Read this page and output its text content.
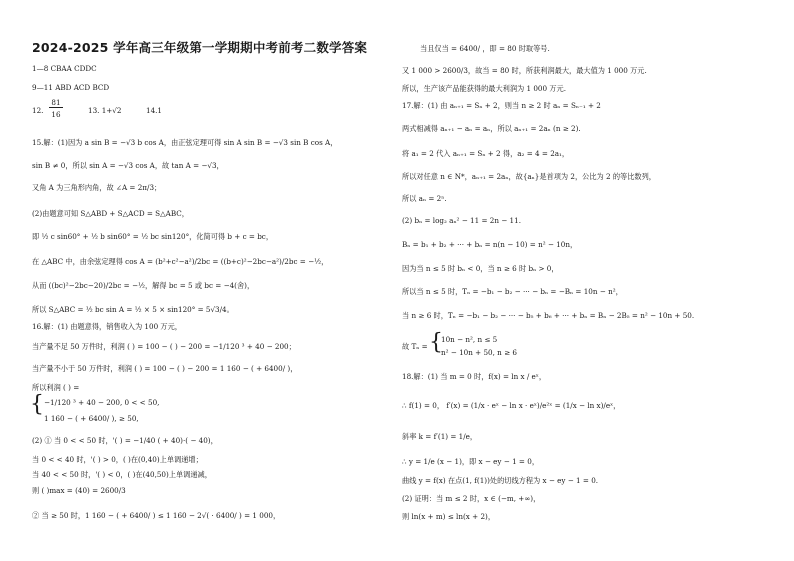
2024-2025 学年高三年级第一学期期中考前考二数学答案
1—8 CBAA CDDC
9—11 ABD ACD BCD
12.
81
16	13. 1+√2	14.1
15.解：(1)因为 a sin B = −√3 b cos A，由正弦定理可得 sin A sin B = −√3 sin B cos A，
sin B ≠ 0，所以 sin A = −√3 cos A，故 tan A = −√3，
又角 A 为三角形内角，故 ∠A = 2π/3；
(2)由题意可知 S△ABD + S△ACD = S△ABC，
即 ½ c sin60° + ½ b sin60° = ½ bc sin120°，化简可得 b + c = bc，
在 △ABC 中，由余弦定理得 cos A = (b²+c²−a²)/2bc = ((b+c)²−2bc−a²)/2bc = −½，
从而 ((bc)²−2bc−20)/2bc = −½，解得 bc = 5 或 bc = −4(舍)，
所以 S△ABC = ½ bc sin A = ½ × 5 × sin120° = 5√3/4。
16.解：(1) 由题意得，销售收入为 100 万元，
当产量不足 50 万件时，利润 ( ) = 100 − ( ) − 200 = −1/120 ³ + 40 − 200；
当产量不小于 50 万件时，利润 ( ) = 100 − ( ) − 200 = 1 160 − ( + 6400/ )，
所以利润 ( ) =
{ −1/120 ³ + 40 − 200, 0 < < 50,
1 160 − ( + 6400/ ), ≥ 50,
(2) ① 当 0 < < 50 时，'( ) = −1/40 ( + 40)·( − 40)，
当 0 < < 40 时，'( ) > 0，( )在(0,40)上单调递增；
当 40 < < 50 时，'( ) < 0，( )在(40,50)上单调递减，
则 ( )max = (40) = 2600/3
② 当 ≥ 50 时，1 160 − ( + 6400/ ) ≤ 1 160 − 2√( · 6400/ ) = 1 000，
当且仅当 = 6400/ ，即 = 80 时取等号.
又 1 000 > 2600/3，故当 = 80 时，所获利润最大，最大值为 1 000 万元.
所以，生产该产品能获得的最大利润为 1 000 万元.
17.解：(1) 由 aₙ₊₁ = Sₙ + 2，则当 n ≥ 2 时 aₙ = Sₙ₋₁ + 2
两式相减得 aₙ₊₁ − aₙ = aₙ，所以 aₙ₊₁ = 2aₙ (n ≥ 2).
将 a₁ = 2 代入 aₙ₊₁ = Sₙ + 2 得，a₂ = 4 = 2a₁，
所以对任意 n ∈ N*，aₙ₊₁ = 2aₙ，故{aₙ}是首项为 2，公比为 2 的等比数列，
所以 aₙ = 2ⁿ.
(2) bₙ = log₂ aₙ² − 11 = 2n − 11.
Bₙ = b₁ + b₂ + ··· + bₙ = n(n − 10) = n² − 10n，
因为当 n ≤ 5 时 bₙ < 0，当 n ≥ 6 时 bₙ > 0，
所以当 n ≤ 5 时，Tₙ = −b₁ − b₂ − ··· − bₙ = −Bₙ = 10n − n²，
当 n ≥ 6 时，Tₙ = −b₁ − b₂ − ··· − b₅ + b₆ + ··· + bₙ = Bₙ − 2B₅ = n² − 10n + 50.
故 Tₙ = {
10n − n², n ≤ 5
n² − 10n + 50, n ≥ 6
18.解：(1) 当 m = 0 时，f(x) = ln x / eˣ，
∴ f(1) = 0， f′(x) = (1/x · eˣ − ln x · eˣ)/e²ˣ = (1/x − ln x)/eˣ，
斜率 k = f′(1) = 1/e，
∴ y = 1/e (x − 1)，即 x − ey − 1 = 0，
曲线 y = f(x) 在点(1, f(1))处的切线方程为 x − ey − 1 = 0.
(2) 证明：当 m ≤ 2 时，x ∈ (−m, +∞)，
则 ln(x + m) ≤ ln(x + 2)，
